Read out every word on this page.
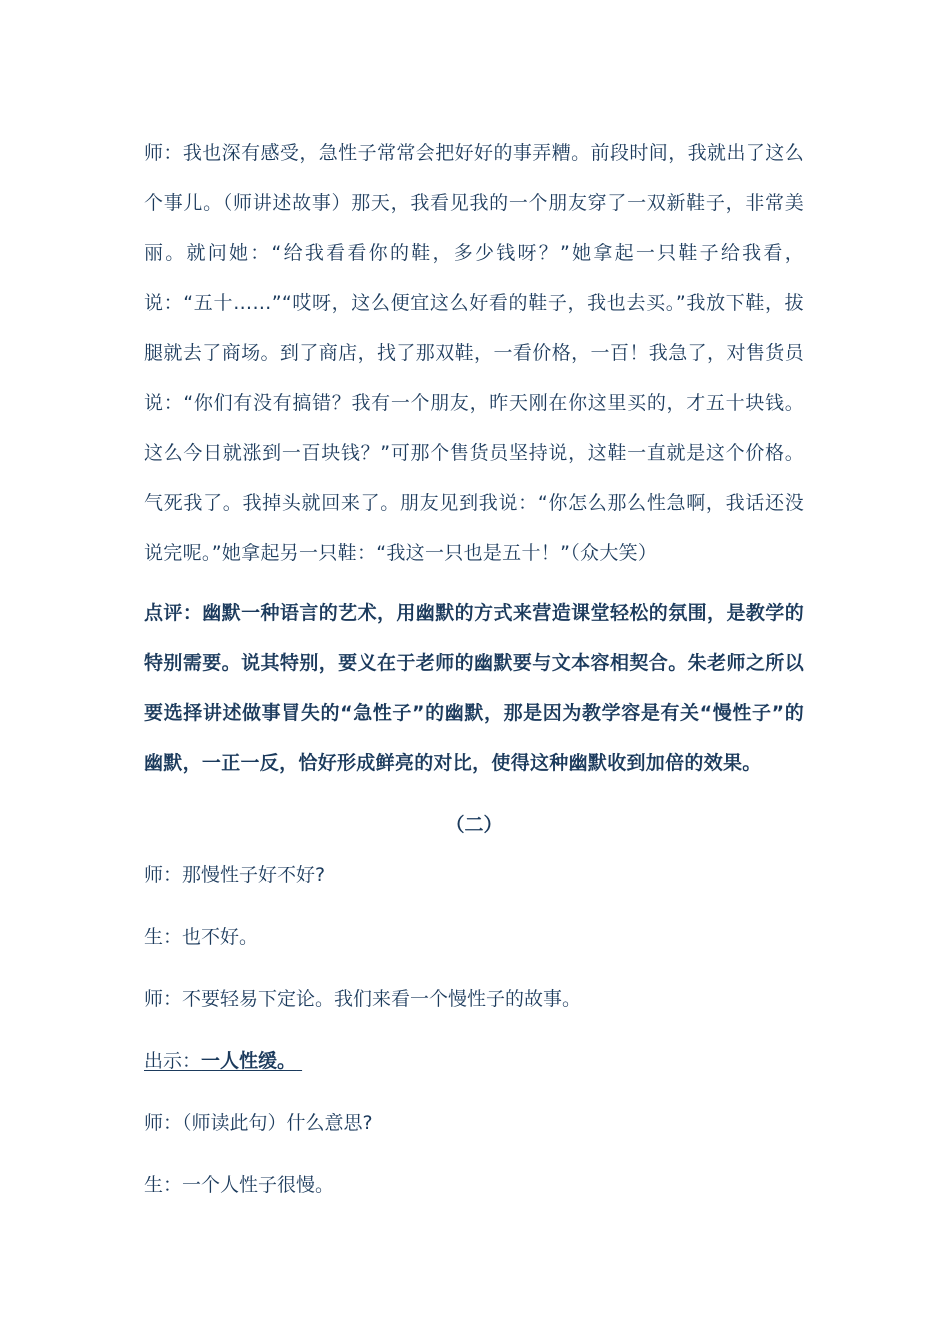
师：我也深有感受，急性子常常会把好好的事弄糟。前段时间，我就出了这么个事儿。（师讲述故事）那天，我看见我的一个朋友穿了一双新鞋子，非常美丽。就问她：“给我看看你的鞋，多少钱呀？”她拿起一只鞋子给我看，说：“五十……”“哎呀，这么便宜这么好看的鞋子，我也去买。”我放下鞋，拔腿就去了商场。到了商店，找了那双鞋，一看价格，一百！我急了，对售货员说：“你们有没有搞错？我有一个朋友，昨天刚在你这里买的，才五十块钱。这么今日就涨到一百块钱？”可那个售货员坚持说，这鞋一直就是这个价格。气死我了。我掉头就回来了。朋友见到我说：“你怎么那么性急啊，我话还没说完呢。”她拿起另一只鞋：“我这一只也是五十！”（众大笑）

点评：幽默一种语言的艺术，用幽默的方式来营造课堂轻松的氛围，是教学的特别需要。说其特别，要义在于老师的幽默要与文本容相契合。朱老师之所以要选择讲述做事冒失的“急性子”的幽默，那是因为教学容是有关“慢性子”的幽默，一正一反，恰好形成鲜亮的对比，使得这种幽默收到加倍的效果。

（二）

师：那慢性子好不好?

生：也不好。

师：不要轻易下定论。我们来看一个慢性子的故事。

出示：一人性缓。

师：（师读此句）什么意思?

生：一个人性子很慢。
